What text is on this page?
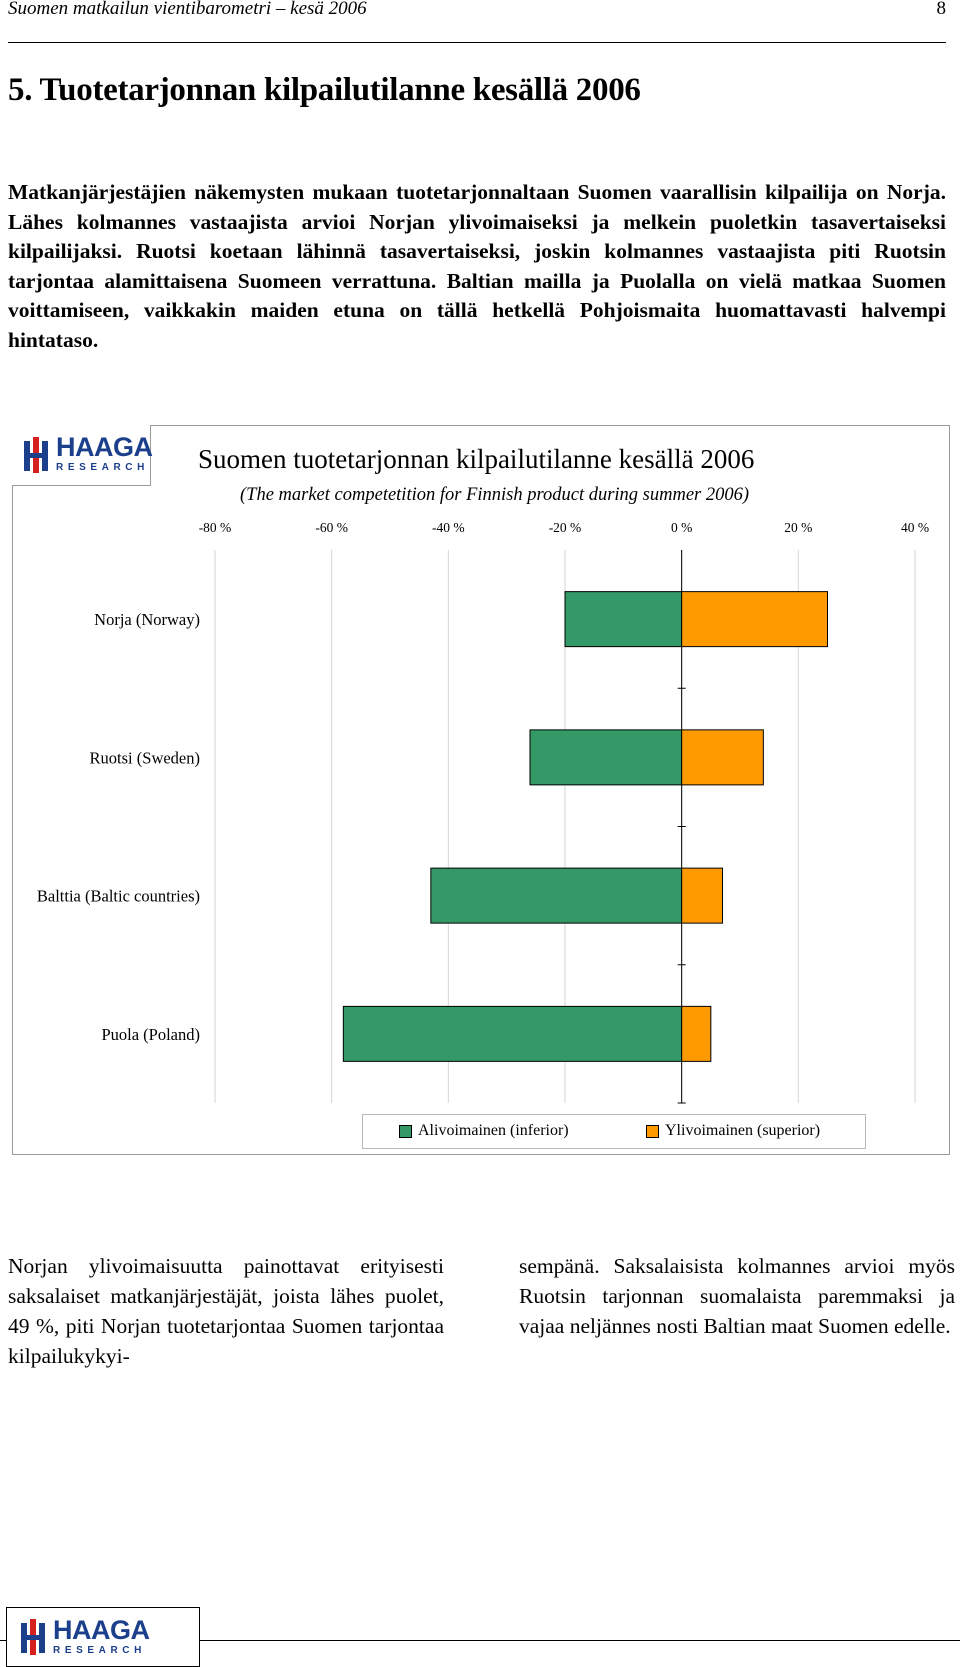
Suomen matkailun vientibarometri – kesä 2006	8
5. Tuotetarjonnan kilpailutilanne kesällä 2006
Matkanjärjestäjien näkemysten mukaan tuotetarjonnaltaan Suomen vaarallisin kilpailija on Norja. Lähes kolmannes vastaajista arvioi Norjan ylivoimaiseksi ja melkein puoletkin tasavertaiseksi kilpailijaksi. Ruotsi koetaan lähinnä tasavertaiseksi, joskin kolmannes vastaajista piti Ruotsin tarjontaa alamittaisena Suomeen verrattuna. Baltian mailla ja Puolalla on vielä matkaa Suomen voittamiseen, vaikkakin maiden etuna on tällä hetkellä Pohjoismaita huomattavasti halvempi hintataso.
HAAGA
RESEARCH Suomen tuotetarjonnan kilpailutilanne kesällä 2006
(The market competetition for Finnish product during summer 2006)
-80 %	-60 %	-40 %	-20 %	0 %	20 %	40 %
Norja (Norway)
Ruotsi (Sweden)
Balttia (Baltic countries)
Puola (Poland)
Alivoimainen (inferior)	Ylivoimainen (superior)
Norjan ylivoimaisuutta painottavat erityisesti saksalaiset matkanjärjestäjät, joista lähes puolet, 49 %, piti Norjan tuotetarjontaa Suomen tarjontaa kilpailukykyi-
sempänä. Saksalaisista kolmannes arvioi myös Ruotsin tarjonnan suomalaista paremmaksi ja vajaa neljännes nosti Baltian maat Suomen edelle.
HAAGA
RESEARCH
